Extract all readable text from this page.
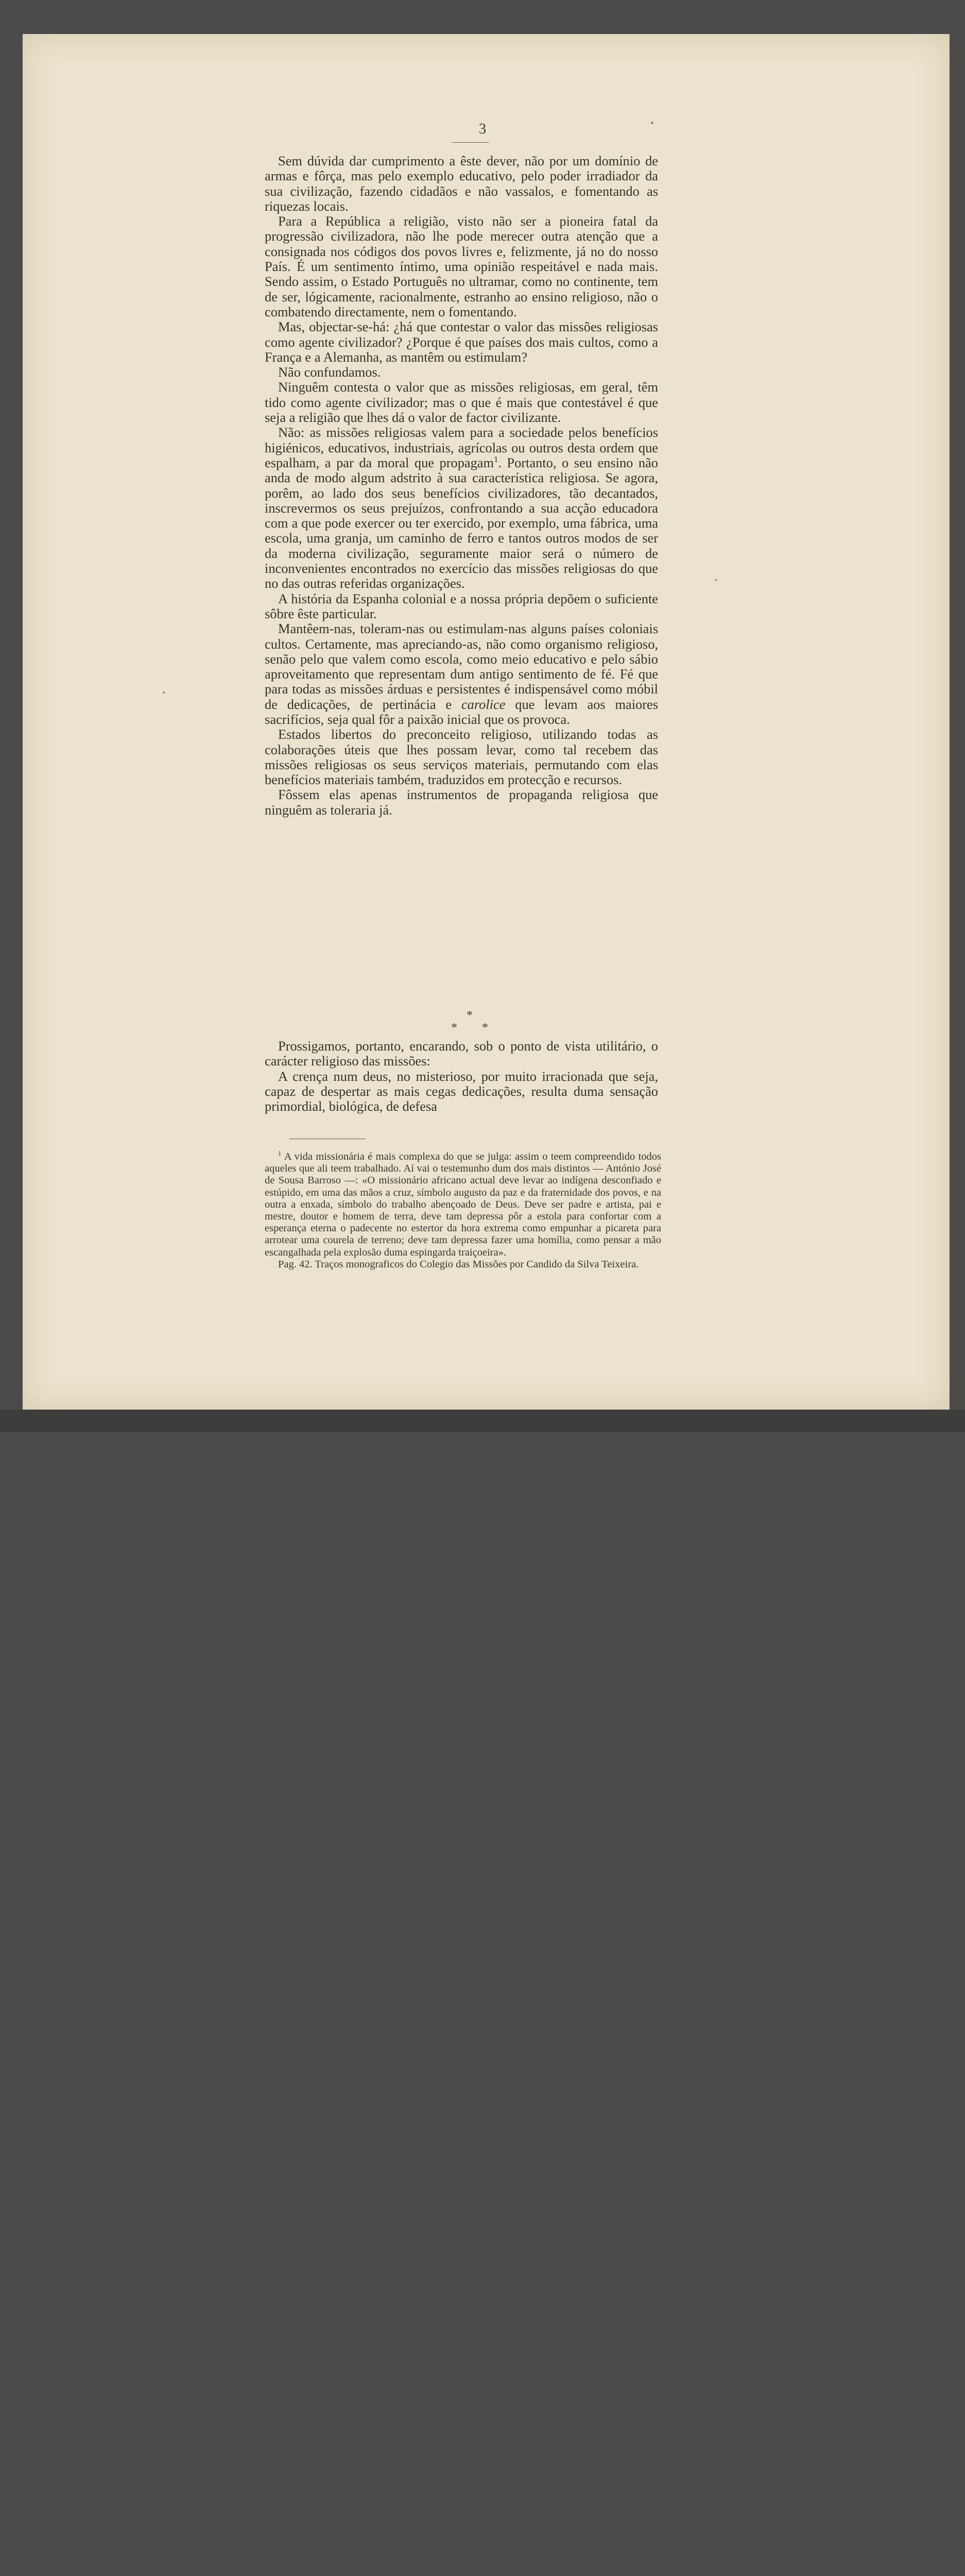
3

Sem dúvida dar cumprimento a êste dever, não por um domínio de armas e fôrça, mas pelo exemplo educativo, pelo poder irradiador da sua civilização, fazendo cidadãos e não vassalos, e fomentando as riquezas locais.

Para a República a religião, visto não ser a pioneira fatal da progressão civilizadora, não lhe pode merecer outra atenção que a consignada nos códigos dos povos livres e, felizmente, já no do nosso País. É um sentimento íntimo, uma opinião respeitável e nada mais. Sendo assim, o Estado Português no ultramar, como no continente, tem de ser, lógicamente, racionalmente, estranho ao ensino religioso, não o combatendo directamente, nem o fomentando.

Mas, objectar-se-há: ¿há que contestar o valor das missões religiosas como agente civilizador? ¿Porque é que países dos mais cultos, como a França e a Alemanha, as mantêm ou estimulam?

Não confundamos.

Ninguêm contesta o valor que as missões religiosas, em geral, têm tido como agente civilizador; mas o que é mais que contestável é que seja a religião que lhes dá o valor de factor civilizante.

Não: as missões religiosas valem para a sociedade pelos benefícios higiénicos, educativos, industriais, agrícolas ou outros desta ordem que espalham, a par da moral que propagam$^1$. Portanto, o seu ensino não anda de modo algum adstrito à sua característica religiosa. Se agora, porêm, ao lado dos seus benefícios civilizadores, tão decantados, inscrevermos os seus prejuízos, confrontando a sua acção educadora com a que pode exercer ou ter exercido, por exemplo, uma fábrica, uma escola, uma granja, um caminho de ferro e tantos outros modos de ser da moderna civilização, seguramente maior será o número de inconvenientes encontrados no exercício das missões religiosas do que no das outras referidas organizações.

A história da Espanha colonial e a nossa própria depõem o suficiente sôbre êste particular.

Mantêem-nas, toleram-nas ou estimulam-nas alguns países coloniais cultos. Certamente, mas apreciando-as, não como organismo religioso, senão pelo que valem como escola, como meio educativo e pelo sábio aproveitamento que representam dum antigo sentimento de fé. Fé que para todas as missões árduas e persistentes é indispensável como móbil de dedicações, de pertinácia e carolice que levam aos maiores sacrifícios, seja qual fôr a paixão inicial que os provoca.

Estados libertos do preconceito religioso, utilizando todas as colaborações úteis que lhes possam levar, como tal recebem das missões religiosas os seus serviços materiais, permutando com elas benefícios materiais também, traduzidos em protecção e recursos.

Fôssem elas apenas instrumentos de propaganda religiosa que ninguêm as toleraria já.

*
* *

Prossigamos, portanto, encarando, sob o ponto de vista utilitário, o carácter religioso das missões:

A crença num deus, no misterioso, por muito irracionada que seja, capaz de despertar as mais cegas dedicações, resulta duma sensação primordial, biológica, de defesa

$^1$ A vida missionária é mais complexa do que se julga: assim o teem compreendido todos aqueles que ali teem trabalhado. Aí vai o testemunho dum dos mais distintos — António José de Sousa Barroso —: «O missionário africano actual deve levar ao indígena desconfiado e estúpido, em uma das mãos a cruz, símbolo augusto da paz e da fraternidade dos povos, e na outra a enxada, símbolo do trabalho abençoado de Deus. Deve ser padre e artista, pai e mestre, doutor e homem de terra, deve tam depressa pôr a estola para confortar com a esperança eterna o padecente no estertor da hora extrema como empunhar a picareta para arrotear uma courela de terreno; deve tam depressa fazer uma homília, como pensar a mão escangalhada pela explosão duma espingarda traiçoeira».

Pag. 42. Traços monograficos do Colegio das Missões por Candido da Silva Teixeira.
